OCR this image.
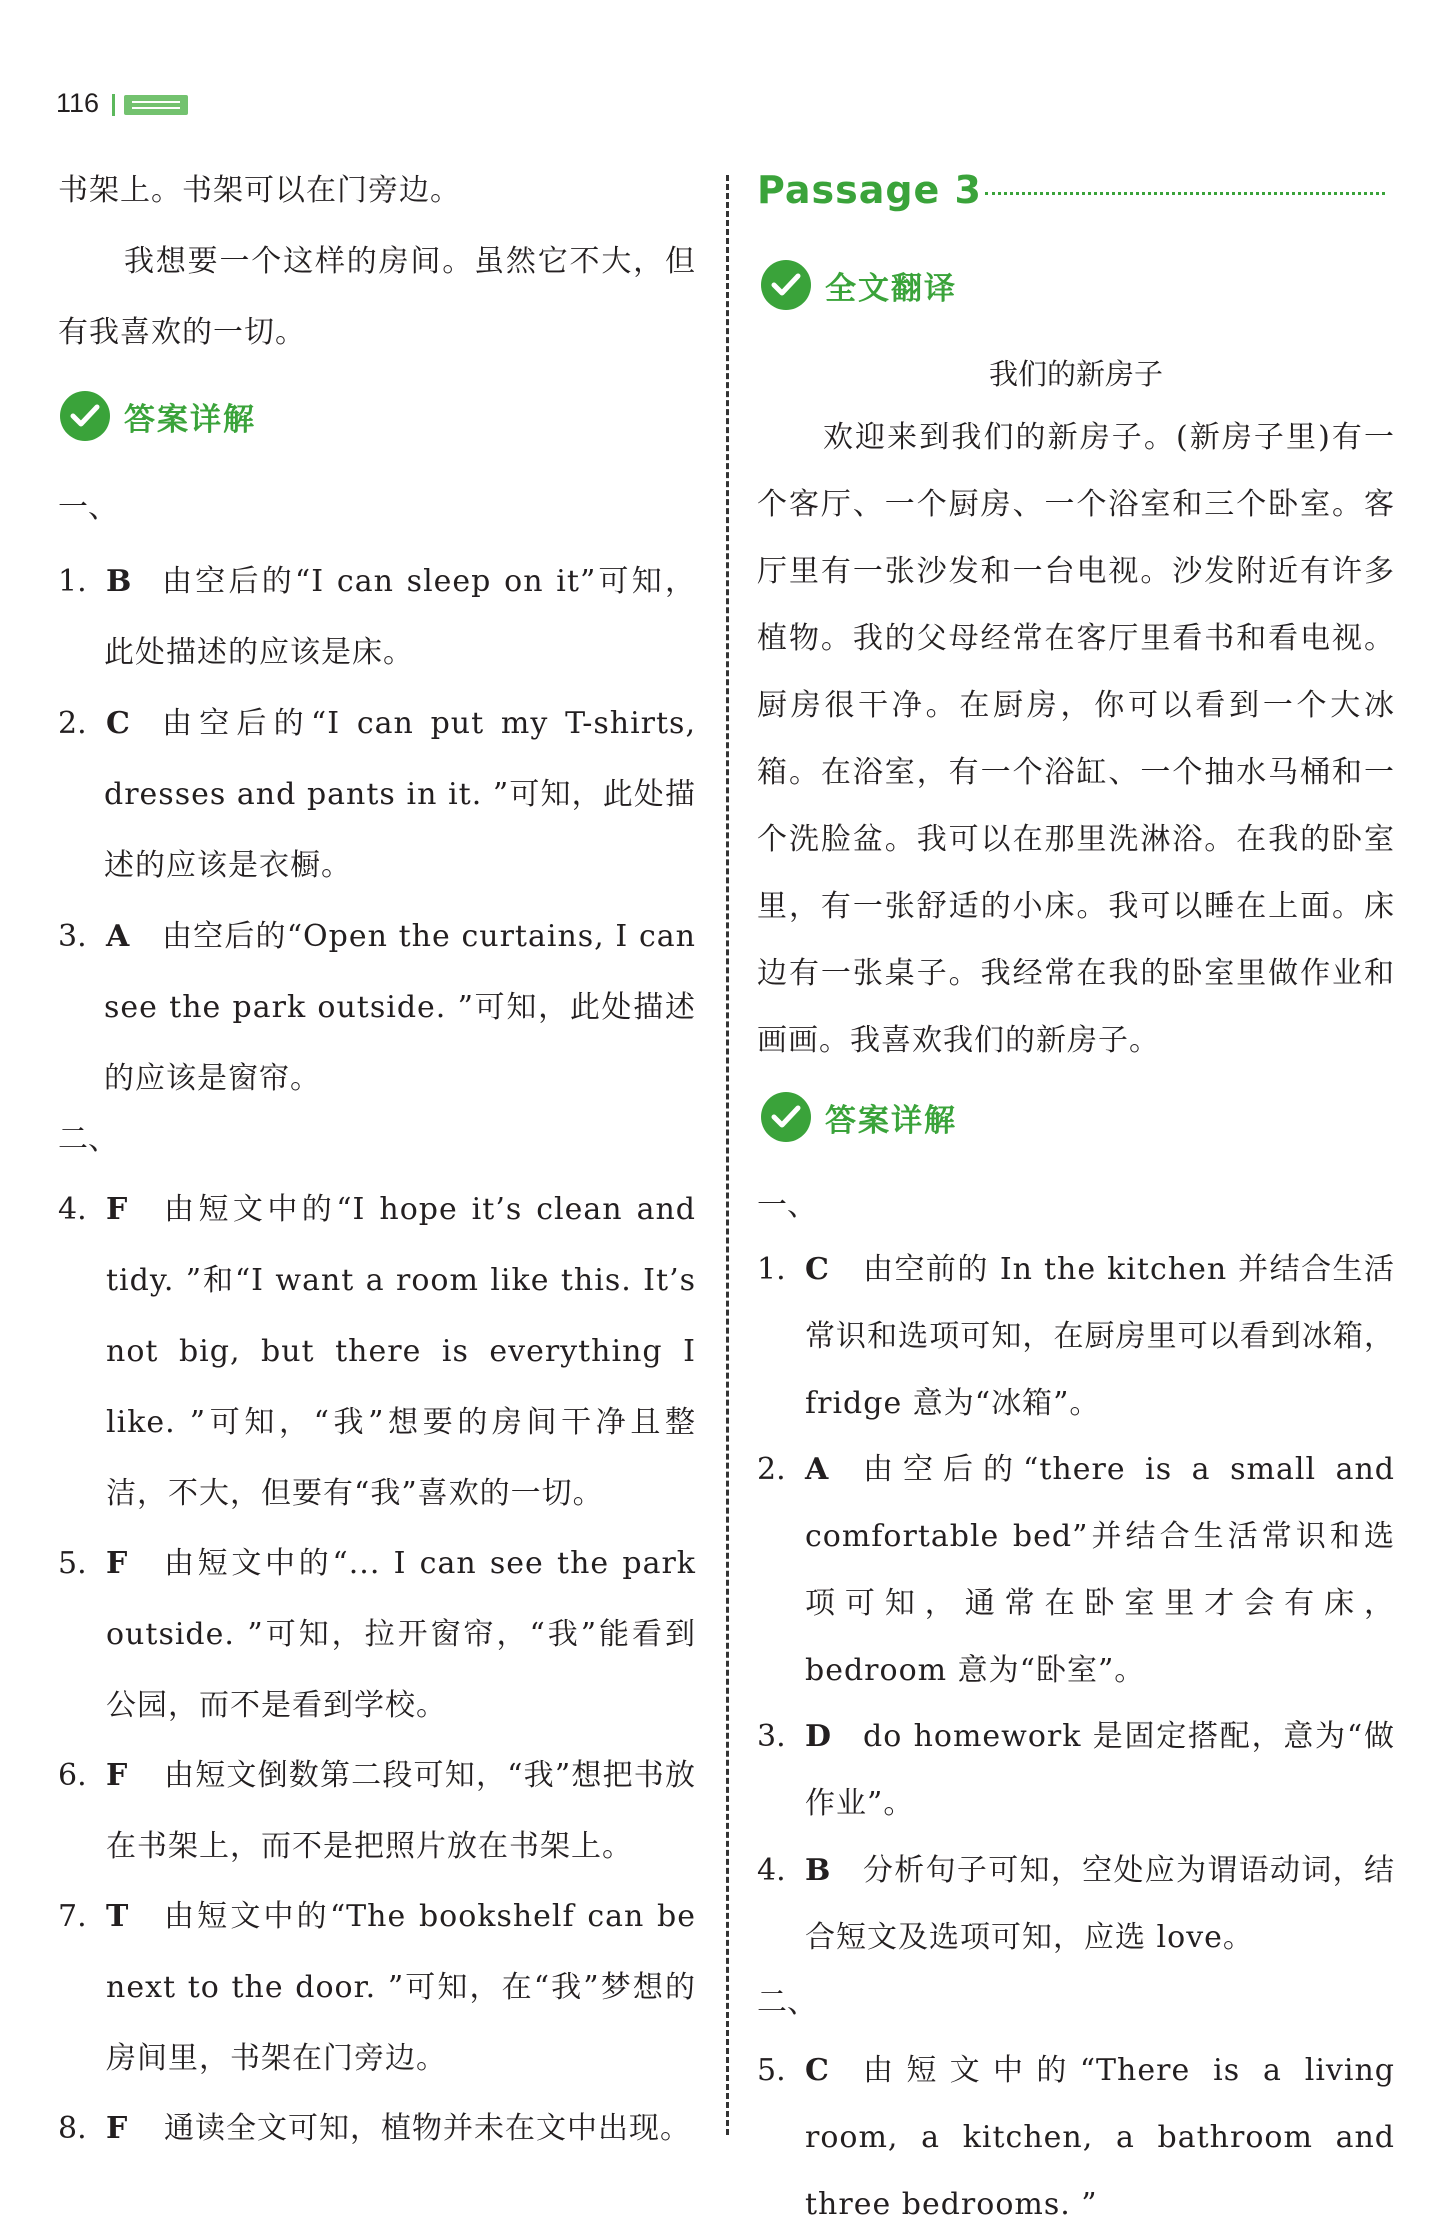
116
书架上。书架可以在门旁边。
我想要一个这样的房间。虽然它不大，但有我喜欢的一切。
答案详解
一、
1. B	由空后的“I can sleep on it”可知，此处描述的应该是床。
2. C	由空后的“I can put my T-shirts, dresses and pants in it. ”可知，此处描述的应该是衣橱。
3. A	由空后的“Open the curtains, I can see the park outside. ”可知，此处描述的应该是窗帘。
二、
4. F	由短文中的“I hope it’s clean and tidy. ”和“I want a room like this. It’s not big, but there is everything I like. ”可知，“我”想要的房间干净且整洁，不大，但要有“我”喜欢的一切。
5. F	由短文中的“... I can see the park outside. ”可知，拉开窗帘，“我”能看到公园，而不是看到学校。
6. F	由短文倒数第二段可知，“我”想把书放在书架上，而不是把照片放在书架上。
7. T	由短文中的“The bookshelf can be next to the door. ”可知，在“我”梦想的房间里，书架在门旁边。
8. F	通读全文可知，植物并未在文中出现。
Passage 3
全文翻译
我们的新房子
欢迎来到我们的新房子。(新房子里)有一个客厅、一个厨房、一个浴室和三个卧室。客厅里有一张沙发和一台电视。沙发附近有许多植物。我的父母经常在客厅里看书和看电视。厨房很干净。在厨房，你可以看到一个大冰箱。在浴室，有一个浴缸、一个抽水马桶和一个洗脸盆。我可以在那里洗淋浴。在我的卧室里，有一张舒适的小床。我可以睡在上面。床边有一张桌子。我经常在我的卧室里做作业和画画。我喜欢我们的新房子。
答案详解
一、
1. C	由空前的 In the kitchen 并结合生活常识和选项可知，在厨房里可以看到冰箱，fridge 意为“冰箱”。
2. A	由空后的“there is a small and comfortable bed”并结合生活常识和选项可知，通常在卧室里才会有床，bedroom 意为“卧室”。
3. D	do homework 是固定搭配，意为“做作业”。
4. B	分析句子可知，空处应为谓语动词，结合短文及选项可知，应选 love。
二、
5. C	由短文中的“There is a living room, a kitchen, a bathroom and three bedrooms. ”
